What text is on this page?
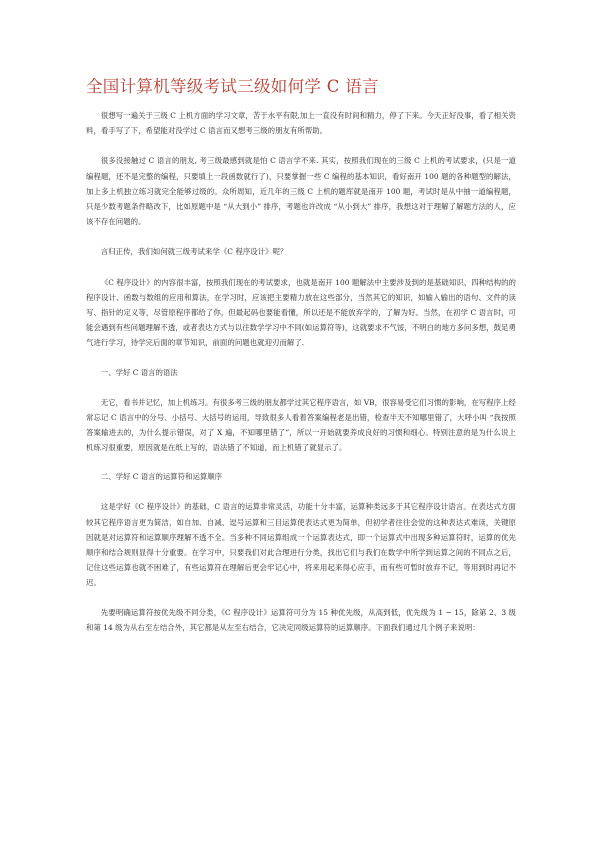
全国计算机等级考试三级如何学 C 语言

很想写一遍关于三级 C 上机方面的学习文章，苦于水平有限,加上一直没有时间和精力，停了下来。今天正好没事，看了相关资料，看手写了下，希望能对没学过 C 语言而又想考三级的朋友有所帮助。

很多没接触过 C 语言的朋友, 考三级最感到就是怕 C 语言学不来. 其实，按照我们现在的三级 C 上机的考试要求，(只是一道编程题，还不是完整的编程，只要填上一段函数就行了)，只要掌握一些 C 编程的基本知识，看好南开 100 题的各种题型的解法，加上多上机独立练习就完全能够过级的。众所周知，近几年的三级 C 上机的题库就是南开 100 题，考试时是从中抽一道编程题，只是少数考题条件略改下，比如原题中是 “从大到小” 排序，考题也许改成 “从小到大” 排序，我想这对于理解了解题方法的人，应该不存在问题的。

言归正传，我们如何就三级考试来学《C 程序设计》呢？

《C 程序设计》的内容很丰富，按照我们现在的考试要求，也就是南开 100 题解法中主要涉及到的是基础知识、四种结构的的程序设计、函数与数组的应用和算法，在学习时，应该把主要精力放在这些部分，当然其它的知识，如输入输出的语句、文件的读写、指针的定义等，尽管原程序都给了你，但最起码也要能看懂，所以还是不能放弃学的，了解为好。当然，在初学 C 语言时，可能会遇到有些问题理解不透，或者表达方式与以往数学学习中不同(如运算符等)，这就要求不气馁，不明白的地方多问多想，鼓足勇气进行学习，待学完后面的章节知识，前面的问题也就迎刃而解了.

一、学好 C 语言的语法

无它，看书并记忆，加上机练习。有很多考三级的朋友都学过其它程序语言，如 VB，很容易受它们习惯的影响，在写程序上经常忘记 C 语言中的分号、小括号、大括号的运用，导致很多人看着答案编程老是出错，检查半天不知哪里错了，大呼小叫 “我按照答案输进去的，为什么提示错误，对了 X 遍，不知哪里错了”，所以一开始就要养成良好的习惯和细心。特别注意的是为什么说上机练习很重要，原因就是在纸上写的，语法错了不知道，而上机错了就显示了。

二、学好 C 语言的运算符和运算顺序

这是学好《C 程序设计》的基础，C 语言的运算非常灵活，功能十分丰富，运算种类远多于其它程序设计语言。在表达式方面较其它程序语言更为简洁，如自加、自减、逗号运算和三目运算使表达式更为简单，但初学者往往会觉的这种表达式难读，关键原因就是对运算符和运算顺序理解不透不全。当多种不同运算组成一个运算表达式，即一个运算式中出现多种运算符时，运算的优先顺序和结合规则显得十分重要。在学习中，只要我们对此合理进行分类，找出它们与我们在数学中所学到运算之间的不同点之后，记住这些运算也就不困难了，有些运算符在理解后更会牢记心中，将来用起来得心应手，而有些可暂时放弃不记，等用到时再记不迟。

先要明确运算符按优先级不同分类，《C 程序设计》运算符可分为 15 种优先级，从高到低，优先级为 1 ~ 15，除第 2、3 级和第 14 级为从右至左结合外，其它都是从左至右结合，它决定同级运算符的运算顺序。下面我们通过几个例子来说明：
